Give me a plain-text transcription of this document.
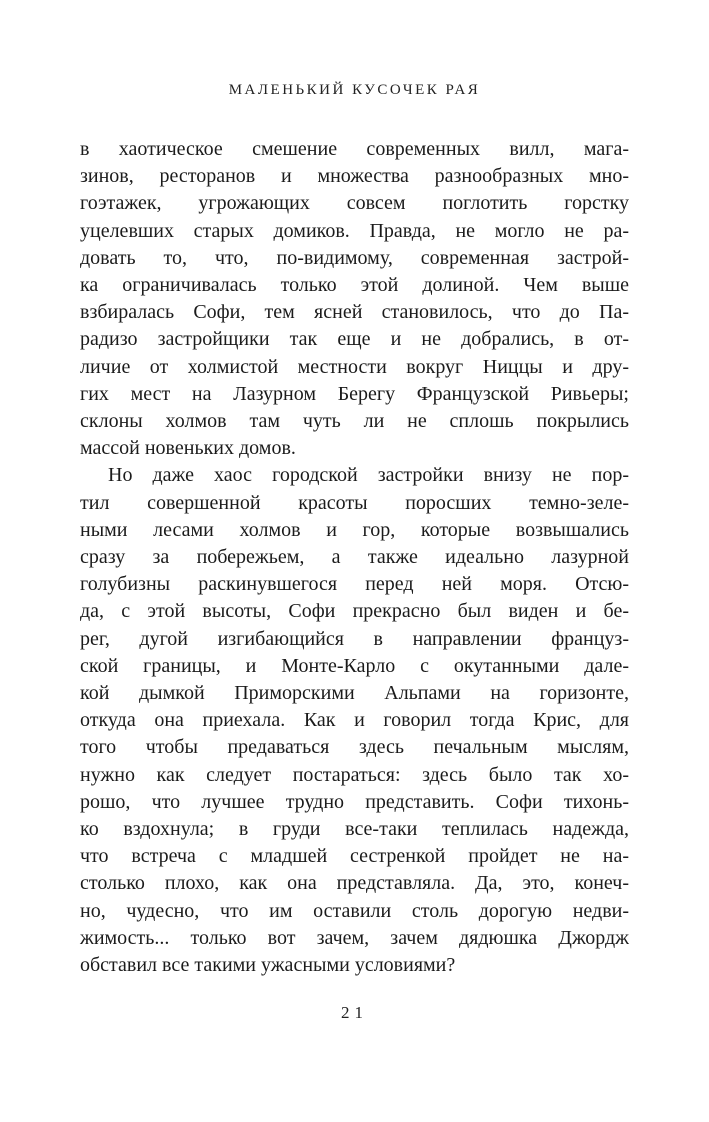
МАЛЕНЬКИЙ КУСОЧЕК РАЯ
в хаотическое смешение современных вилл, мага-
зинов, ресторанов и множества разнообразных мно-
гоэтажек, угрожающих совсем поглотить горстку
уцелевших старых домиков. Правда, не могло не ра-
довать то, что, по-видимому, современная застрой-
ка ограничивалась только этой долиной. Чем выше
взбиралась Софи, тем ясней становилось, что до Па-
радизо застройщики так еще и не добрались, в от-
личие от холмистой местности вокруг Ниццы и дру-
гих мест на Лазурном Берегу Французской Ривьеры;
склоны холмов там чуть ли не сплошь покрылись
массой новеньких домов.
Но даже хаос городской застройки внизу не пор-
тил совершенной красоты поросших темно-зеле-
ными лесами холмов и гор, которые возвышались
сразу за побережьем, а также идеально лазурной
голубизны раскинувшегося перед ней моря. Отсю-
да, с этой высоты, Софи прекрасно был виден и бе-
рег, дугой изгибающийся в направлении француз-
ской границы, и Монте-Карло с окутанными дале-
кой дымкой Приморскими Альпами на горизонте,
откуда она приехала. Как и говорил тогда Крис, для
того чтобы предаваться здесь печальным мыслям,
нужно как следует постараться: здесь было так хо-
рошо, что лучшее трудно представить. Софи тихонь-
ко вздохнула; в груди все-таки теплилась надежда,
что встреча с младшей сестренкой пройдет не на-
столько плохо, как она представляла. Да, это, конеч-
но, чудесно, что им оставили столь дорогую недви-
жимость... только вот зачем, зачем дядюшка Джордж
обставил все такими ужасными условиями?
21
